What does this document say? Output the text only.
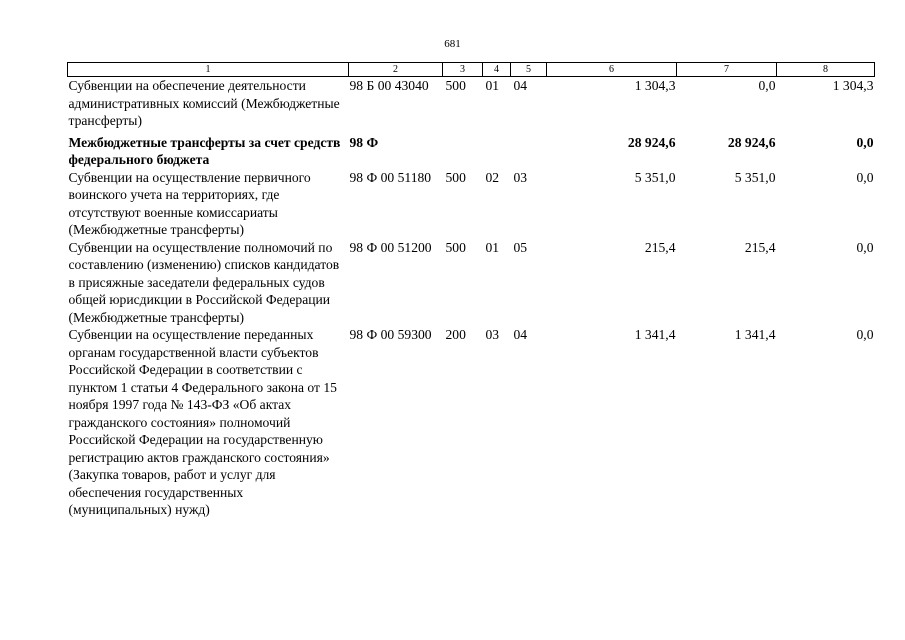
681
1	2	3	4	5	6	7	8
Субвенции на обеспечение деятельности административных комиссий (Межбюджетные трансферты)	98 Б 00 43040	500	01	04	1 304,3	0,0	1 304,3
Межбюджетные трансферты за счет средств федерального бюджета	98 Ф				28 924,6	28 924,6	0,0
Субвенции на осуществление первичного воинского учета на территориях, где отсутствуют военные комиссариаты (Межбюджетные трансферты)	98 Ф 00 51180	500	02	03	5 351,0	5 351,0	0,0
Субвенции на осуществление полномочий по составлению (изменению) списков кандидатов в присяжные заседатели федеральных судов общей юрисдикции в Российской Федерации (Межбюджетные трансферты)	98 Ф 00 51200	500	01	05	215,4	215,4	0,0
Субвенции на осуществление переданных органам государственной власти субъектов Российской Федерации в соответствии с пунктом 1 статьи 4 Федерального закона от 15 ноября 1997 года № 143-ФЗ «Об актах гражданского состояния» полномочий Российской Федерации на государственную регистрацию актов гражданского состояния» (Закупка товаров, работ и услуг для обеспечения государственных (муниципальных) нужд)	98 Ф 00 59300	200	03	04	1 341,4	1 341,4	0,0
